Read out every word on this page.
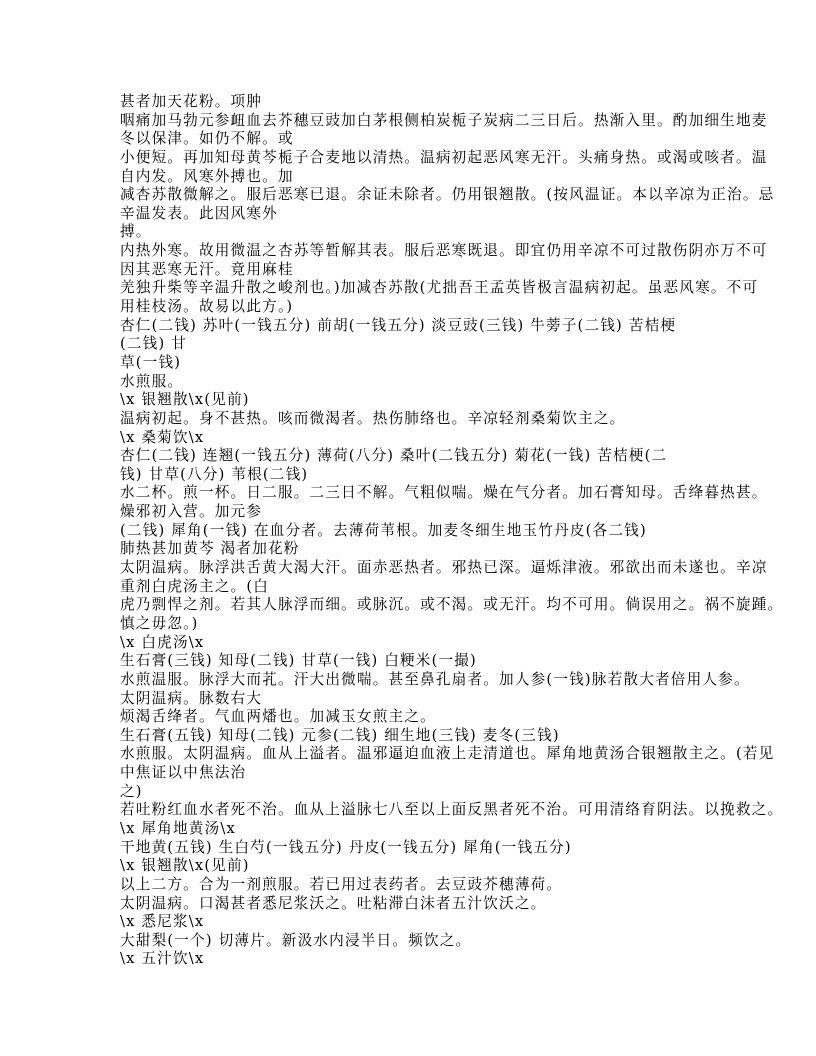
甚者加天花粉。项肿
咽痛加马勃元参衄血去芥穗豆豉加白茅根侧柏炭栀子炭病二三日后。热渐入里。酌加细生地麦
冬以保津。如仍不解。或
小便短。再加知母黄芩栀子合麦地以清热。温病初起恶风寒无汗。头痛身热。或渴或咳者。温
自内发。风寒外搏也。加
减杏苏散微解之。服后恶寒已退。余证未除者。仍用银翘散。(按风温证。本以辛凉为正治。忌
辛温发表。此因风寒外
搏。
内热外寒。故用微温之杏苏等暂解其表。服后恶寒既退。即宜仍用辛凉不可过散伤阴亦万不可
因其恶寒无汗。竟用麻桂
羌独升柴等辛温升散之峻剂也。)加减杏苏散(尤拙吾王孟英皆极言温病初起。虽恶风寒。不可
用桂枝汤。故易以此方。)
杏仁(二钱) 苏叶(一钱五分) 前胡(一钱五分) 淡豆豉(三钱) 牛蒡子(二钱) 苦桔梗
(二钱) 甘
草(一钱)
水煎服。
\x 银翘散\x(见前)
温病初起。身不甚热。咳而微渴者。热伤肺络也。辛凉轻剂桑菊饮主之。
\x 桑菊饮\x
杏仁(二钱) 连翘(一钱五分) 薄荷(八分) 桑叶(二钱五分) 菊花(一钱) 苦桔梗(二
钱) 甘草(八分) 苇根(二钱)
水二杯。煎一杯。日二服。二三日不解。气粗似喘。燥在气分者。加石膏知母。舌绛暮热甚。
燥邪初入营。加元参
(二钱) 犀角(一钱) 在血分者。去薄荷苇根。加麦冬细生地玉竹丹皮(各二钱)
肺热甚加黄芩 渴者加花粉
太阴温病。脉浮洪舌黄大渴大汗。面赤恶热者。邪热已深。逼烁津液。邪欲出而未遂也。辛凉
重剂白虎汤主之。(白
虎乃剽悍之剂。若其人脉浮而细。或脉沉。或不渴。或无汗。均不可用。倘误用之。祸不旋踵。
慎之毋忽。)
\x 白虎汤\x
生石膏(三钱) 知母(二钱) 甘草(一钱) 白粳米(一撮)
水煎温服。脉浮大而芤。汗大出微喘。甚至鼻孔扇者。加人参(一钱)脉若散大者倍用人参。
太阴温病。脉数右大
烦渴舌绛者。气血两燔也。加减玉女煎主之。
生石膏(五钱) 知母(二钱) 元参(二钱) 细生地(三钱) 麦冬(三钱)
水煎服。太阴温病。血从上溢者。温邪逼迫血液上走清道也。犀角地黄汤合银翘散主之。(若见
中焦证以中焦法治
之)
若吐粉红血水者死不治。血从上溢脉七八至以上面反黑者死不治。可用清络育阴法。以挽救之。
\x 犀角地黄汤\x
干地黄(五钱) 生白芍(一钱五分) 丹皮(一钱五分) 犀角(一钱五分)
\x 银翘散\x(见前)
以上二方。合为一剂煎服。若已用过表药者。去豆豉芥穗薄荷。
太阴温病。口渴甚者悉尼浆沃之。吐粘滞白沫者五汁饮沃之。
\x 悉尼浆\x
大甜梨(一个) 切薄片。新汲水内浸半日。频饮之。
\x 五汁饮\x
